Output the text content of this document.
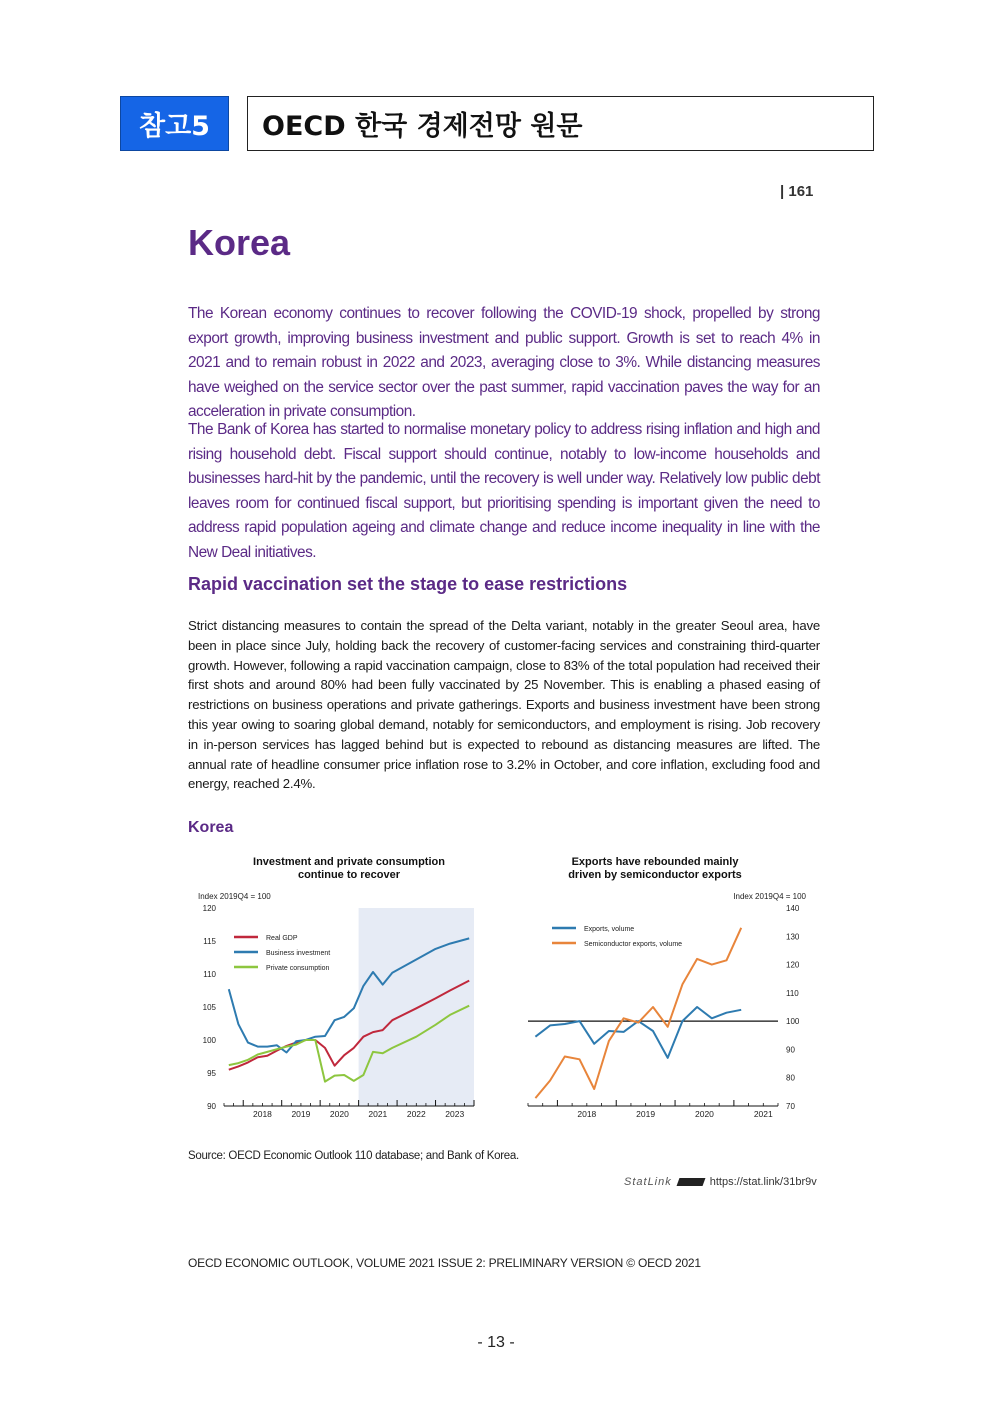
참고5	OECD 한국 경제전망 원문
| 161
Korea

The Korean economy continues to recover following the COVID-19 shock, propelled by strong export growth, improving business investment and public support. Growth is set to reach 4% in 2021 and to remain robust in 2022 and 2023, averaging close to 3%. While distancing measures have weighed on the service sector over the past summer, rapid vaccination paves the way for an acceleration in private consumption.

The Bank of Korea has started to normalise monetary policy to address rising inflation and high and rising household debt. Fiscal support should continue, notably to low-income households and businesses hard-hit by the pandemic, until the recovery is well under way. Relatively low public debt leaves room for continued fiscal support, but prioritising spending is important given the need to address rapid population ageing and climate change and reduce income inequality in line with the New Deal initiatives.

Rapid vaccination set the stage to ease restrictions

Strict distancing measures to contain the spread of the Delta variant, notably in the greater Seoul area, have been in place since July, holding back the recovery of customer-facing services and constraining third-quarter growth. However, following a rapid vaccination campaign, close to 83% of the total population had received their first shots and around 80% had been fully vaccinated by 25 November. This is enabling a phased easing of restrictions on business operations and private gatherings. Exports and business investment have been strong this year owing to soaring global demand, notably for semiconductors, and employment is rising. Job recovery in in-person services has lagged behind but is expected to rebound as distancing measures are lifted. The annual rate of headline consumer price inflation rose to 3.2% in October, and core inflation, excluding food and energy, reached 2.4%.

Korea
Investment and private consumption continue to recover
Exports have rebounded mainly driven by semiconductor exports
Index 2019Q4 = 100
90
95
100
105
110
115
120
2018 2019 2020 2021 2022 2023
Real GDP
Business investment
Private consumption
Index 2019Q4 = 100
70
80
90
100
110
120
130
140
2018	2019	2020	2021
Exports, volume
Semiconductor exports, volume
Source: OECD Economic Outlook 110 database; and Bank of Korea.
StatLink	https://stat.link/31br9v
OECD ECONOMIC OUTLOOK, VOLUME 2021 ISSUE 2: PRELIMINARY VERSION © OECD 2021
- 13 -
